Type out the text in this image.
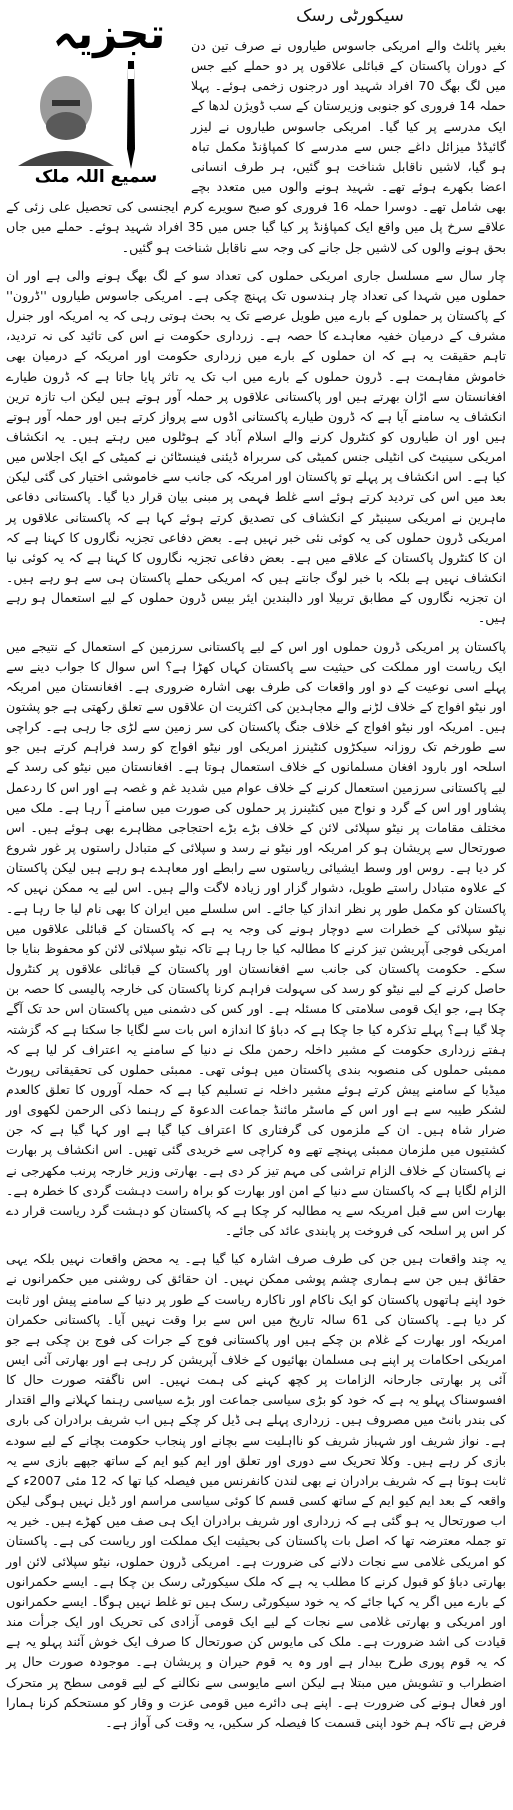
تجزیہ
سمیع اللہ ملک
سیکورٹی رسک

بغیر پائلٹ والے امریکی جاسوس طیاروں نے صرف تین دن کے دوران پاکستان کے قبائلی علاقوں پر دو حملے کیے جس میں لگ بھگ 70 افراد شہید اور درجنوں زخمی ہوئے۔ پہلا حملہ 14 فروری کو جنوبی وزیرستان کے سب ڈویژن لدھا کے ایک مدرسے پر کیا گیا۔ امریکی جاسوس طیاروں نے لیزر گائیڈڈ میزائل داغے جس سے مدرسے کا کمپاؤنڈ مکمل تباہ ہو گیا، لاشیں ناقابل شناخت ہو گئیں، ہر طرف انسانی اعضا بکھرے ہوئے تھے۔ شہید ہونے والوں میں متعدد بچے بھی شامل تھے۔ دوسرا حملہ 16 فروری کو صبح سویرے کرم ایجنسی کی تحصیل علی زئی کے علاقے سرخ پل میں واقع ایک کمپاؤنڈ پر کیا گیا جس میں 35 افراد شہید ہوئے۔ حملے میں جاں بحق ہونے والوں کی لاشیں جل جانے کی وجہ سے ناقابل شناخت ہو گئیں۔

چار سال سے مسلسل جاری امریکی حملوں کی تعداد سو کے لگ بھگ ہونے والی ہے اور ان حملوں میں شہدا کی تعداد چار ہندسوں تک پہنچ چکی ہے۔ امریکی جاسوس طیاروں ''ڈرون'' کے پاکستان پر حملوں کے بارے میں طویل عرصے تک یہ بحث ہوتی رہی کہ یہ امریکہ اور جنرل مشرف کے درمیان خفیہ معاہدے کا حصہ ہے۔ زرداری حکومت نے اس کی تائید کی نہ تردید، تاہم حقیقت یہ ہے کہ ان حملوں کے بارے میں زرداری حکومت اور امریکہ کے درمیان بھی خاموش مفاہمت ہے۔ ڈرون حملوں کے بارے میں اب تک یہ تاثر پایا جاتا ہے کہ ڈرون طیارے افغانستان سے اڑان بھرتے ہیں اور پاکستانی علاقوں پر حملہ آور ہوتے ہیں لیکن اب تازہ ترین انکشاف یہ سامنے آیا ہے کہ ڈرون طیارے پاکستانی اڈوں سے پرواز کرتے ہیں اور حملہ آور ہوتے ہیں اور ان طیاروں کو کنٹرول کرنے والے اسلام آباد کے ہوٹلوں میں رہتے ہیں۔ یہ انکشاف امریکی سینیٹ کی انٹیلی جنس کمیٹی کی سربراہ ڈیئنی فینسٹائن نے کمیٹی کے ایک اجلاس میں کیا ہے۔ اس انکشاف پر پہلے تو پاکستان اور امریکہ کی جانب سے خاموشی اختیار کی گئی لیکن بعد میں اس کی تردید کرتے ہوئے اسے غلط فہمی پر مبنی بیان قرار دیا گیا۔ پاکستانی دفاعی ماہرین نے امریکی سینیٹر کے انکشاف کی تصدیق کرتے ہوئے کہا ہے کہ پاکستانی علاقوں پر امریکی ڈرون حملوں کی یہ کوئی نئی خبر نہیں ہے۔ بعض دفاعی تجزیہ نگاروں کا کہنا ہے کہ ان کا کنٹرول پاکستان کے علاقے میں ہے۔ بعض دفاعی تجزیہ نگاروں کا کہنا ہے کہ یہ کوئی نیا انکشاف نہیں ہے بلکہ با خبر لوگ جانتے ہیں کہ امریکی حملے پاکستان ہی سے ہو رہے ہیں۔ ان تجزیہ نگاروں کے مطابق تربیلا اور دالبندین ایئر بیس ڈرون حملوں کے لیے استعمال ہو رہے ہیں۔

پاکستان پر امریکی ڈرون حملوں اور اس کے لیے پاکستانی سرزمین کے استعمال کے نتیجے میں ایک ریاست اور مملکت کی حیثیت سے پاکستان کہاں کھڑا ہے؟ اس سوال کا جواب دینے سے پہلے اسی نوعیت کے دو اور واقعات کی طرف بھی اشارہ ضروری ہے۔ افغانستان میں امریکہ اور نیٹو افواج کے خلاف لڑنے والے مجاہدین کی اکثریت ان علاقوں سے تعلق رکھتی ہے جو پشتون ہیں۔ امریکہ اور نیٹو افواج کے خلاف جنگ پاکستان کی سر زمین سے لڑی جا رہی ہے۔ کراچی سے طورخم تک روزانہ سیکڑوں کنٹینرز امریکی اور نیٹو افواج کو رسد فراہم کرتے ہیں جو اسلحہ اور بارود افغان مسلمانوں کے خلاف استعمال ہوتا ہے۔ افغانستان میں نیٹو کی رسد کے لیے پاکستانی سرزمین استعمال کرنے کے خلاف عوام میں شدید غم و غصہ ہے اور اس کا ردعمل پشاور اور اس کے گرد و نواح میں کنٹینرز پر حملوں کی صورت میں سامنے آ رہا ہے۔ ملک میں مختلف مقامات پر نیٹو سپلائی لائن کے خلاف بڑے بڑے احتجاجی مظاہرے بھی ہوئے ہیں۔ اس صورتحال سے پریشان ہو کر امریکہ اور نیٹو نے رسد و سپلائی کے متبادل راستوں پر غور شروع کر دیا ہے۔ روس اور وسط ایشیائی ریاستوں سے رابطے اور معاہدے ہو رہے ہیں لیکن پاکستان کے علاوہ متبادل راستے طویل، دشوار گزار اور زیادہ لاگت والے ہیں۔ اس لیے یہ ممکن نہیں کہ پاکستان کو مکمل طور پر نظر انداز کیا جائے۔ اس سلسلے میں ایران کا بھی نام لیا جا رہا ہے۔ نیٹو سپلائی کے خطرات سے دوچار ہونے کی وجہ یہ ہے کہ پاکستان کے قبائلی علاقوں میں امریکی فوجی آپریشن تیز کرنے کا مطالبہ کیا جا رہا ہے تاکہ نیٹو سپلائی لائن کو محفوظ بنایا جا سکے۔ حکومت پاکستان کی جانب سے افغانستان اور پاکستان کے قبائلی علاقوں پر کنٹرول حاصل کرنے کے لیے نیٹو کو رسد کی سہولت فراہم کرنا پاکستان کی خارجہ پالیسی کا حصہ بن چکا ہے، جو ایک قومی سلامتی کا مسئلہ ہے۔ اور کس کی دشمنی میں پاکستان اس حد تک آگے چلا گیا ہے؟ پہلے تذکرہ کیا جا چکا ہے کہ دباؤ کا اندازہ اس بات سے لگایا جا سکتا ہے کہ گزشتہ ہفتے زرداری حکومت کے مشیر داخلہ رحمن ملک نے دنیا کے سامنے یہ اعتراف کر لیا ہے کہ ممبئی حملوں کی منصوبہ بندی پاکستان میں ہوئی تھی۔ ممبئی حملوں کی تحقیقاتی رپورٹ میڈیا کے سامنے پیش کرتے ہوئے مشیر داخلہ نے تسلیم کیا ہے کہ حملہ آوروں کا تعلق کالعدم لشکر طیبہ سے ہے اور اس کے ماسٹر مائنڈ جماعت الدعوۃ کے رہنما ذکی الرحمن لکھوی اور ضرار شاہ ہیں۔ ان کے ملزموں کی گرفتاری کا اعتراف کیا گیا ہے اور کہا گیا ہے کہ جن کشتیوں میں ملزمان ممبئی پہنچے تھے وہ کراچی سے خریدی گئی تھیں۔ اس انکشاف پر بھارت نے پاکستان کے خلاف الزام تراشی کی مہم تیز کر دی ہے۔ بھارتی وزیر خارجہ پرنب مکھرجی نے الزام لگایا ہے کہ پاکستان سے دنیا کے امن اور بھارت کو براہ راست دہشت گردی کا خطرہ ہے۔ بھارت اس سے قبل امریکہ سے یہ مطالبہ کر چکا ہے کہ پاکستان کو دہشت گرد ریاست قرار دے کر اس پر اسلحہ کی فروخت پر پابندی عائد کی جائے۔

یہ چند واقعات ہیں جن کی طرف صرف اشارہ کیا گیا ہے۔ یہ محض واقعات نہیں بلکہ یہی حقائق ہیں جن سے ہماری چشم پوشی ممکن نہیں۔ ان حقائق کی روشنی میں حکمرانوں نے خود اپنے ہاتھوں پاکستان کو ایک ناکام اور ناکارہ ریاست کے طور پر دنیا کے سامنے پیش اور ثابت کر دیا ہے۔ پاکستان کی 61 سالہ تاریخ میں اس سے برا وقت نہیں آیا۔ پاکستانی حکمران امریکہ اور بھارت کے غلام بن چکے ہیں اور پاکستانی فوج کے جرات کی فوج بن چکی ہے جو امریکی احکامات پر اپنے ہی مسلمان بھائیوں کے خلاف آپریشن کر رہی ہے اور بھارتی آئی ایس آئی پر بھارتی جارحانہ الزامات پر کچھ کہنے کی ہمت نہیں۔ اس ناگفتہ صورت حال کا افسوسناک پہلو یہ ہے کہ خود کو بڑی سیاسی جماعت اور بڑے سیاسی رہنما کہلانے والے اقتدار کی بندر بانٹ میں مصروف ہیں۔ زرداری پہلے ہی ڈیل کر چکے ہیں اب شریف برادران کی باری ہے۔ نواز شریف اور شہباز شریف کو نااہلیت سے بچانے اور پنجاب حکومت بچانے کے لیے سودے بازی کر رہے ہیں۔ وکلا تحریک سے دوری اور تعلق اور ایم کیو ایم کے ساتھ جپھے بازی سے یہ ثابت ہوتا ہے کہ شریف برادران نے بھی لندن کانفرنس میں فیصلہ کیا تھا کہ 12 مئی 2007ء کے واقعہ کے بعد ایم کیو ایم کے ساتھ کسی قسم کا کوئی سیاسی مراسم اور ڈیل نہیں ہوگی لیکن اب صورتحال یہ ہو گئی ہے کہ زرداری اور شریف برادران ایک ہی صف میں کھڑے ہیں۔ خیر یہ تو جملہ معترضہ تھا کہ اصل بات پاکستان کی بحیثیت ایک مملکت اور ریاست کی ہے۔ پاکستان کو امریکی غلامی سے نجات دلانے کی ضرورت ہے۔ امریکی ڈرون حملوں، نیٹو سپلائی لائن اور بھارتی دباؤ کو قبول کرنے کا مطلب یہ ہے کہ ملک سیکورٹی رسک بن چکا ہے۔ ایسے حکمرانوں کے بارے میں اگر یہ کہا جائے کہ یہ خود سیکورٹی رسک ہیں تو غلط نہیں ہوگا۔ ایسے حکمرانوں اور امریکی و بھارتی غلامی سے نجات کے لیے ایک قومی آزادی کی تحریک اور ایک جرأت مند قیادت کی اشد ضرورت ہے۔ ملک کی مایوس کن صورتحال کا صرف ایک خوش آئند پہلو یہ ہے کہ یہ قوم پوری طرح بیدار ہے اور وہ یہ قوم حیران و پریشان ہے۔ موجودہ صورت حال پر اضطراب و تشویش میں مبتلا ہے لیکن اسے مایوسی سے نکالنے کے لیے قومی سطح پر متحرک اور فعال ہونے کی ضرورت ہے۔ اپنے ہی دائرے میں قومی عزت و وقار کو مستحکم کرنا ہمارا فرض ہے تاکہ ہم خود اپنی قسمت کا فیصلہ کر سکیں، یہ وقت کی آواز ہے۔
